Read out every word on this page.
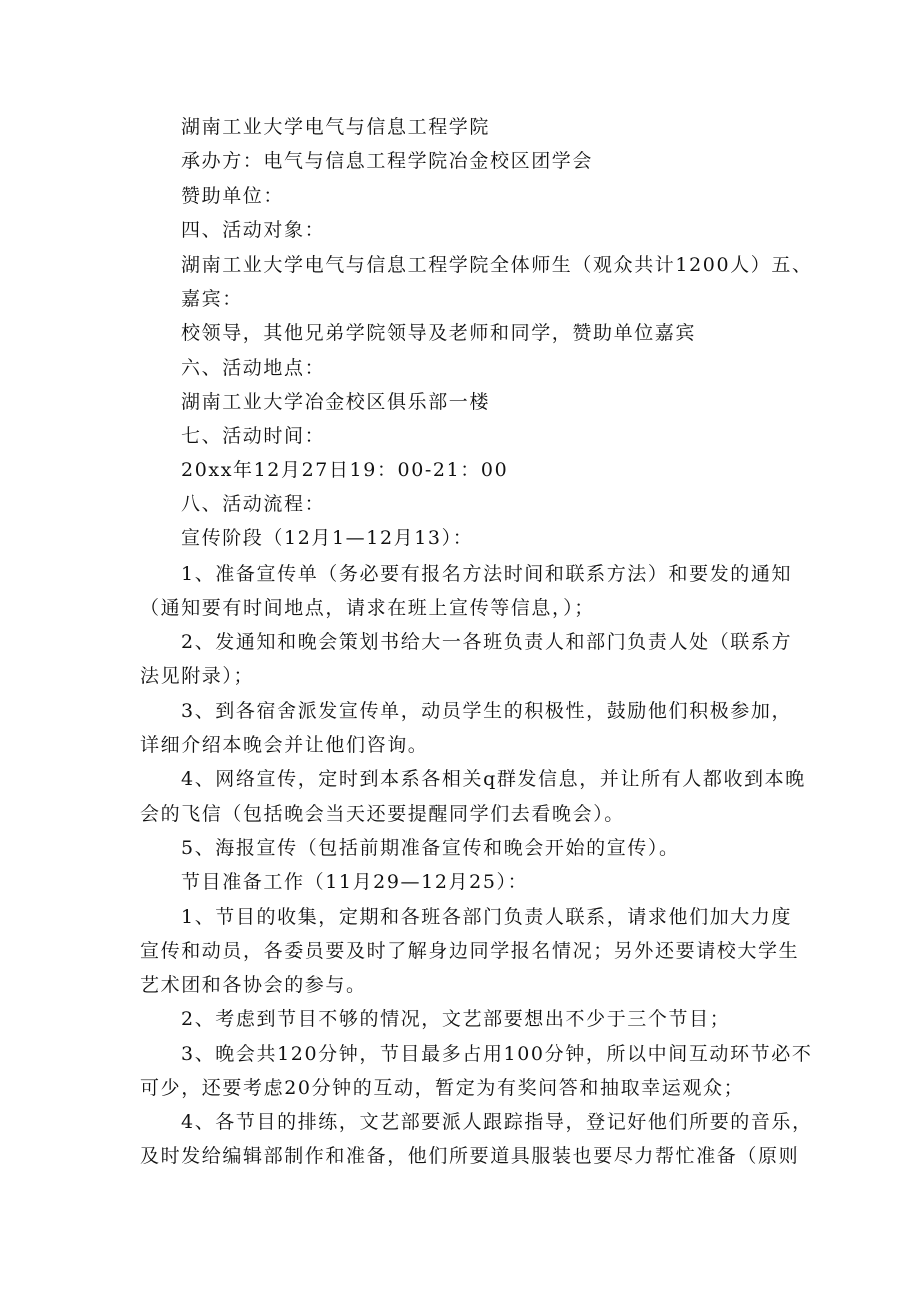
湖南工业大学电气与信息工程学院

承办方：电气与信息工程学院冶金校区团学会

赞助单位：

四、活动对象：

湖南工业大学电气与信息工程学院全体师生（观众共计1200人）五、

嘉宾：

校领导，其他兄弟学院领导及老师和同学，赞助单位嘉宾

六、活动地点：

湖南工业大学冶金校区俱乐部一楼

七、活动时间：

20xx年12月27日19：00-21：00

八、活动流程：

宣传阶段（12月1—12月13）：

1、准备宣传单（务必要有报名方法时间和联系方法）和要发的通知

（通知要有时间地点，请求在班上宣传等信息，）；

2、发通知和晚会策划书给大一各班负责人和部门负责人处（联系方

法见附录）；

3、到各宿舍派发宣传单，动员学生的积极性，鼓励他们积极参加，

详细介绍本晚会并让他们咨询。

4、网络宣传，定时到本系各相关q群发信息，并让所有人都收到本晚

会的飞信（包括晚会当天还要提醒同学们去看晚会）。

5、海报宣传（包括前期准备宣传和晚会开始的宣传）。

节目准备工作（11月29—12月25）：

1、节目的收集，定期和各班各部门负责人联系，请求他们加大力度

宣传和动员，各委员要及时了解身边同学报名情况；另外还要请校大学生

艺术团和各协会的参与。

2、考虑到节目不够的情况，文艺部要想出不少于三个节目；

3、晚会共120分钟，节目最多占用100分钟，所以中间互动环节必不

可少，还要考虑20分钟的互动，暂定为有奖问答和抽取幸运观众；

4、各节目的排练，文艺部要派人跟踪指导，登记好他们所要的音乐，

及时发给编辑部制作和准备，他们所要道具服装也要尽力帮忙准备（原则
